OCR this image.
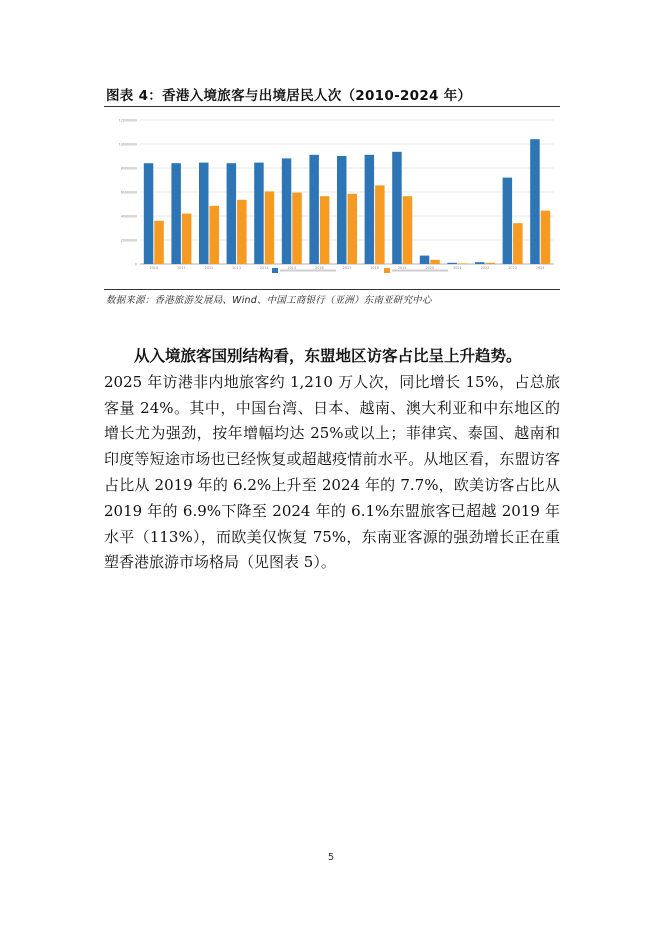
图表 4：香港入境旅客与出境居民人次（2010-2024 年）
0
20000000
40000000
60000000
80000000
100000000
120000000
2010	2011	2012	2013	2014	2015	2016	2017	2018	2019	2020	2021	2022	2023	2024
数据来源：香港旅游发展局、Wind、中国工商银行（亚洲）东南亚研究中心
从入境旅客国别结构看，东盟地区访客占比呈上升趋势。
2025 年访港非内地旅客约 1,210 万人次，同比增长 15%，占总旅客量 24%。其中，中国台湾、日本、越南、澳大利亚和中东地区的增长尤为强劲，按年增幅均达 25%或以上；菲律宾、泰国、越南和印度等短途市场也已经恢复或超越疫情前水平。从地区看，东盟访客占比从 2019 年的 6.2%上升至 2024 年的 7.7%，欧美访客占比从 2019 年的 6.9%下降至 2024 年的 6.1%东盟旅客已超越 2019 年水平（113%），而欧美仅恢复 75%，东南亚客源的强劲增长正在重塑香港旅游市场格局（见图表 5）。
5
